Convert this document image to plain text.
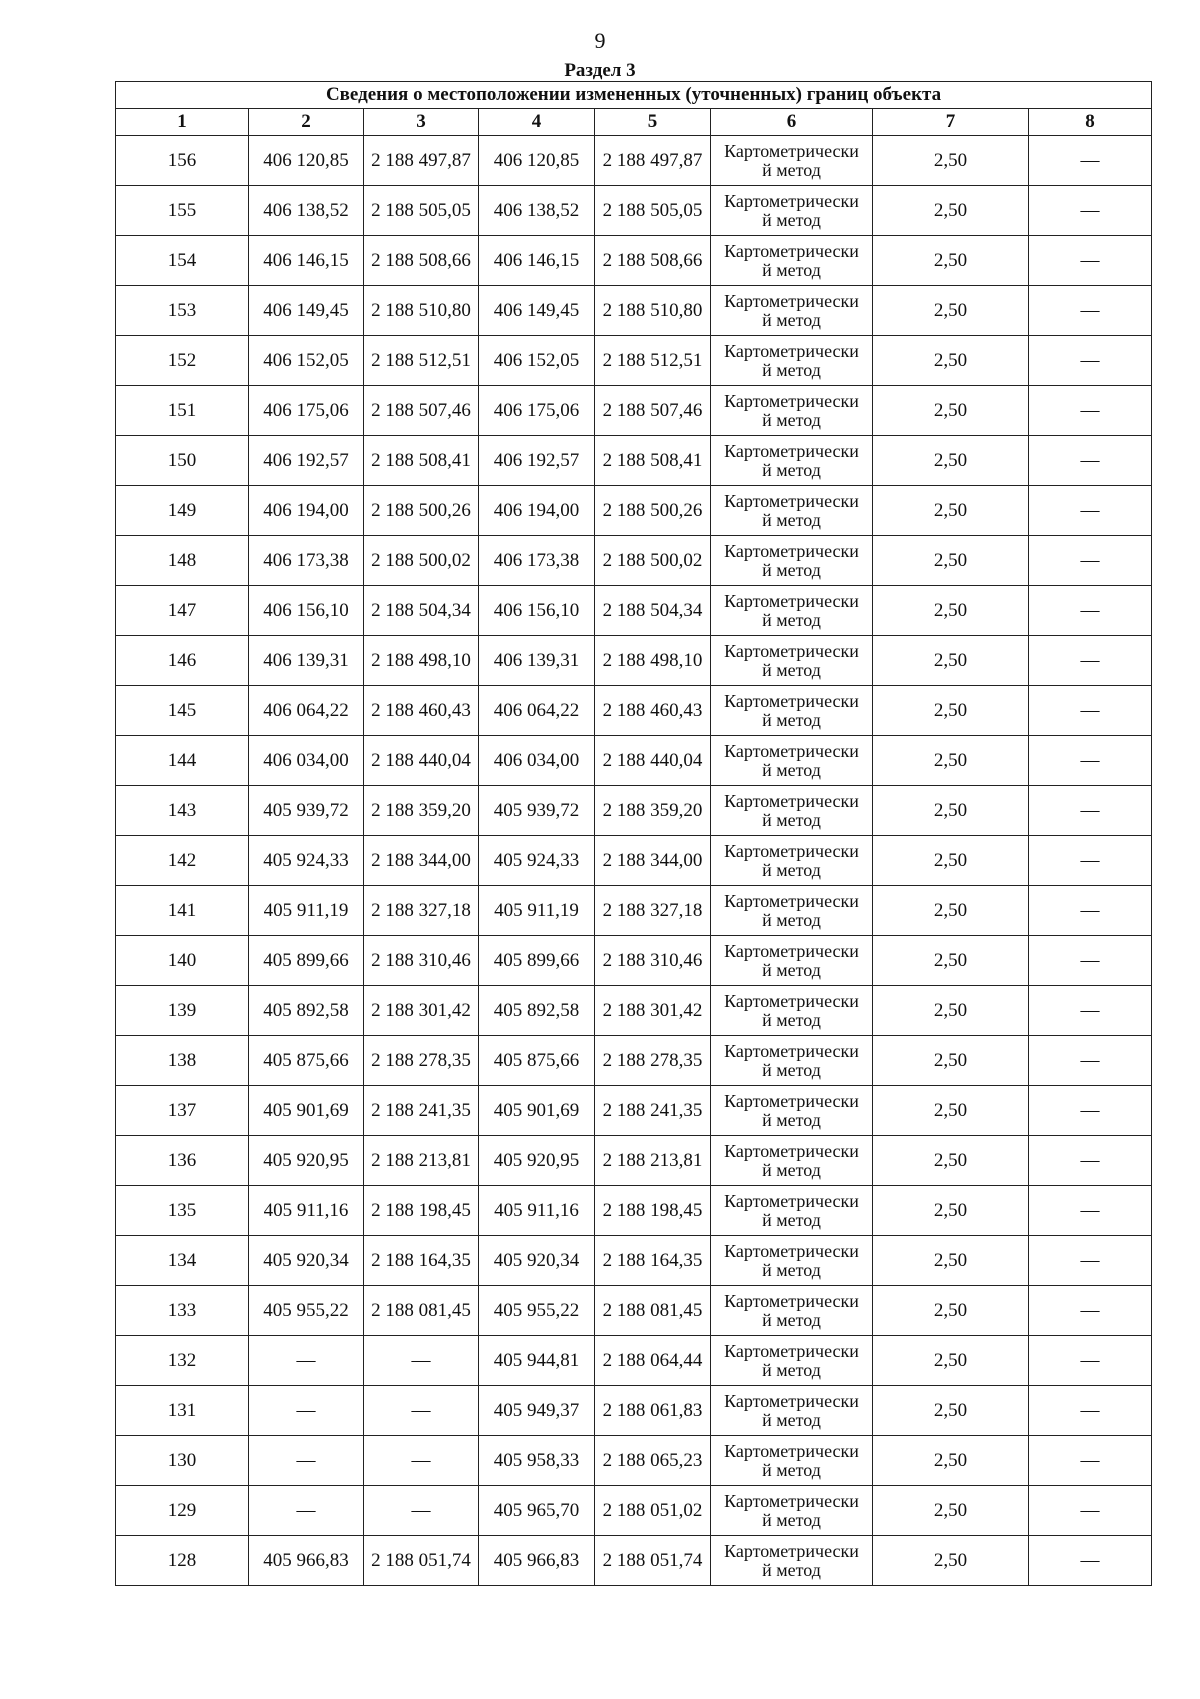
9
Раздел 3
Сведения о местоположении измененных (уточненных) границ объекта							
1	2	3	4	5	6	7	8
156	406 120,85	2 188 497,87	406 120,85	2 188 497,87	Картометрически
й метод	2,50	—
155	406 138,52	2 188 505,05	406 138,52	2 188 505,05	Картометрически
й метод	2,50	—
154	406 146,15	2 188 508,66	406 146,15	2 188 508,66	Картометрически
й метод	2,50	—
153	406 149,45	2 188 510,80	406 149,45	2 188 510,80	Картометрически
й метод	2,50	—
152	406 152,05	2 188 512,51	406 152,05	2 188 512,51	Картометрически
й метод	2,50	—
151	406 175,06	2 188 507,46	406 175,06	2 188 507,46	Картометрически
й метод	2,50	—
150	406 192,57	2 188 508,41	406 192,57	2 188 508,41	Картометрически
й метод	2,50	—
149	406 194,00	2 188 500,26	406 194,00	2 188 500,26	Картометрически
й метод	2,50	—
148	406 173,38	2 188 500,02	406 173,38	2 188 500,02	Картометрически
й метод	2,50	—
147	406 156,10	2 188 504,34	406 156,10	2 188 504,34	Картометрически
й метод	2,50	—
146	406 139,31	2 188 498,10	406 139,31	2 188 498,10	Картометрически
й метод	2,50	—
145	406 064,22	2 188 460,43	406 064,22	2 188 460,43	Картометрически
й метод	2,50	—
144	406 034,00	2 188 440,04	406 034,00	2 188 440,04	Картометрически
й метод	2,50	—
143	405 939,72	2 188 359,20	405 939,72	2 188 359,20	Картометрически
й метод	2,50	—
142	405 924,33	2 188 344,00	405 924,33	2 188 344,00	Картометрически
й метод	2,50	—
141	405 911,19	2 188 327,18	405 911,19	2 188 327,18	Картометрически
й метод	2,50	—
140	405 899,66	2 188 310,46	405 899,66	2 188 310,46	Картометрически
й метод	2,50	—
139	405 892,58	2 188 301,42	405 892,58	2 188 301,42	Картометрически
й метод	2,50	—
138	405 875,66	2 188 278,35	405 875,66	2 188 278,35	Картометрически
й метод	2,50	—
137	405 901,69	2 188 241,35	405 901,69	2 188 241,35	Картометрически
й метод	2,50	—
136	405 920,95	2 188 213,81	405 920,95	2 188 213,81	Картометрически
й метод	2,50	—
135	405 911,16	2 188 198,45	405 911,16	2 188 198,45	Картометрически
й метод	2,50	—
134	405 920,34	2 188 164,35	405 920,34	2 188 164,35	Картометрически
й метод	2,50	—
133	405 955,22	2 188 081,45	405 955,22	2 188 081,45	Картометрически
й метод	2,50	—
132	—	—	405 944,81	2 188 064,44	Картометрически
й метод	2,50	—
131	—	—	405 949,37	2 188 061,83	Картометрически
й метод	2,50	—
130	—	—	405 958,33	2 188 065,23	Картометрически
й метод	2,50	—
129	—	—	405 965,70	2 188 051,02	Картометрически
й метод	2,50	—
128	405 966,83	2 188 051,74	405 966,83	2 188 051,74	Картометрически
й метод	2,50	—
